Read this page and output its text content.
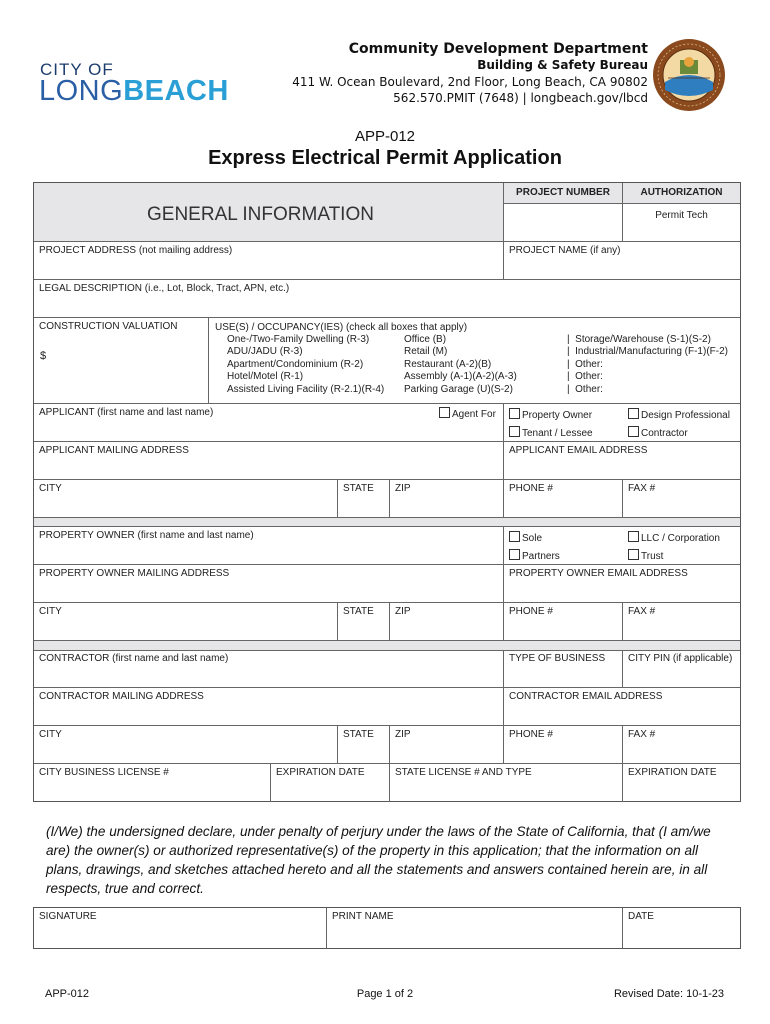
CITY OF
LONGBEACH
Community Development Department
Building & Safety Bureau
411 W. Ocean Boulevard, 2nd Floor, Long Beach, CA 90802
562.570.PMIT (7648) | longbeach.gov/lbcd
APP-012
Express Electrical Permit Application
GENERAL INFORMATION
PROJECT NUMBER	AUTHORIZATION
Permit Tech
PROJECT ADDRESS (not mailing address)	PROJECT NAME (if any)
LEGAL DESCRIPTION (i.e., Lot, Block, Tract, APN, etc.)
CONSTRUCTION VALUATION
$
USE(S) / OCCUPANCY(IES) (check all boxes that apply)
One-/Two-Family Dwelling (R-3)
ADU/JADU (R-3)
Apartment/Condominium (R-2)
Hotel/Motel (R-1)
Assisted Living Facility (R-2.1)(R-4)
Office (B)
Retail (M)
Restaurant (A-2)(B)
Assembly (A-1)(A-2)(A-3)
Parking Garage (U)(S-2)
|  Storage/Warehouse (S-1)(S-2)
|  Industrial/Manufacturing (F-1)(F-2)
|  Other:
|  Other:
|  Other:
APPLICANT (first name and last name)	Agent For	Property Owner	Design Professional
Tenant / Lessee	Contractor
APPLICANT MAILING ADDRESS	APPLICANT EMAIL ADDRESS
CITY	STATE	ZIP	PHONE #	FAX #
PROPERTY OWNER (first name and last name)	Sole	LLC / Corporation
Partners	Trust
PROPERTY OWNER MAILING ADDRESS	PROPERTY OWNER EMAIL ADDRESS
CITY	STATE	ZIP	PHONE #	FAX #
CONTRACTOR (first name and last name)	TYPE OF BUSINESS	CITY PIN (if applicable)
CONTRACTOR MAILING ADDRESS	CONTRACTOR EMAIL ADDRESS
CITY	STATE	ZIP	PHONE #	FAX #
CITY BUSINESS LICENSE #	EXPIRATION DATE	STATE LICENSE # AND TYPE	EXPIRATION DATE
(I/We) the undersigned declare, under penalty of perjury under the laws of the State of California, that (I am/we are) the owner(s) or authorized representative(s) of the property in this application; that the information on all plans, drawings, and sketches attached hereto and all the statements and answers contained herein are, in all respects, true and correct.
SIGNATURE	PRINT NAME	DATE
APP-012	Page 1 of 2	Revised Date: 10-1-23
